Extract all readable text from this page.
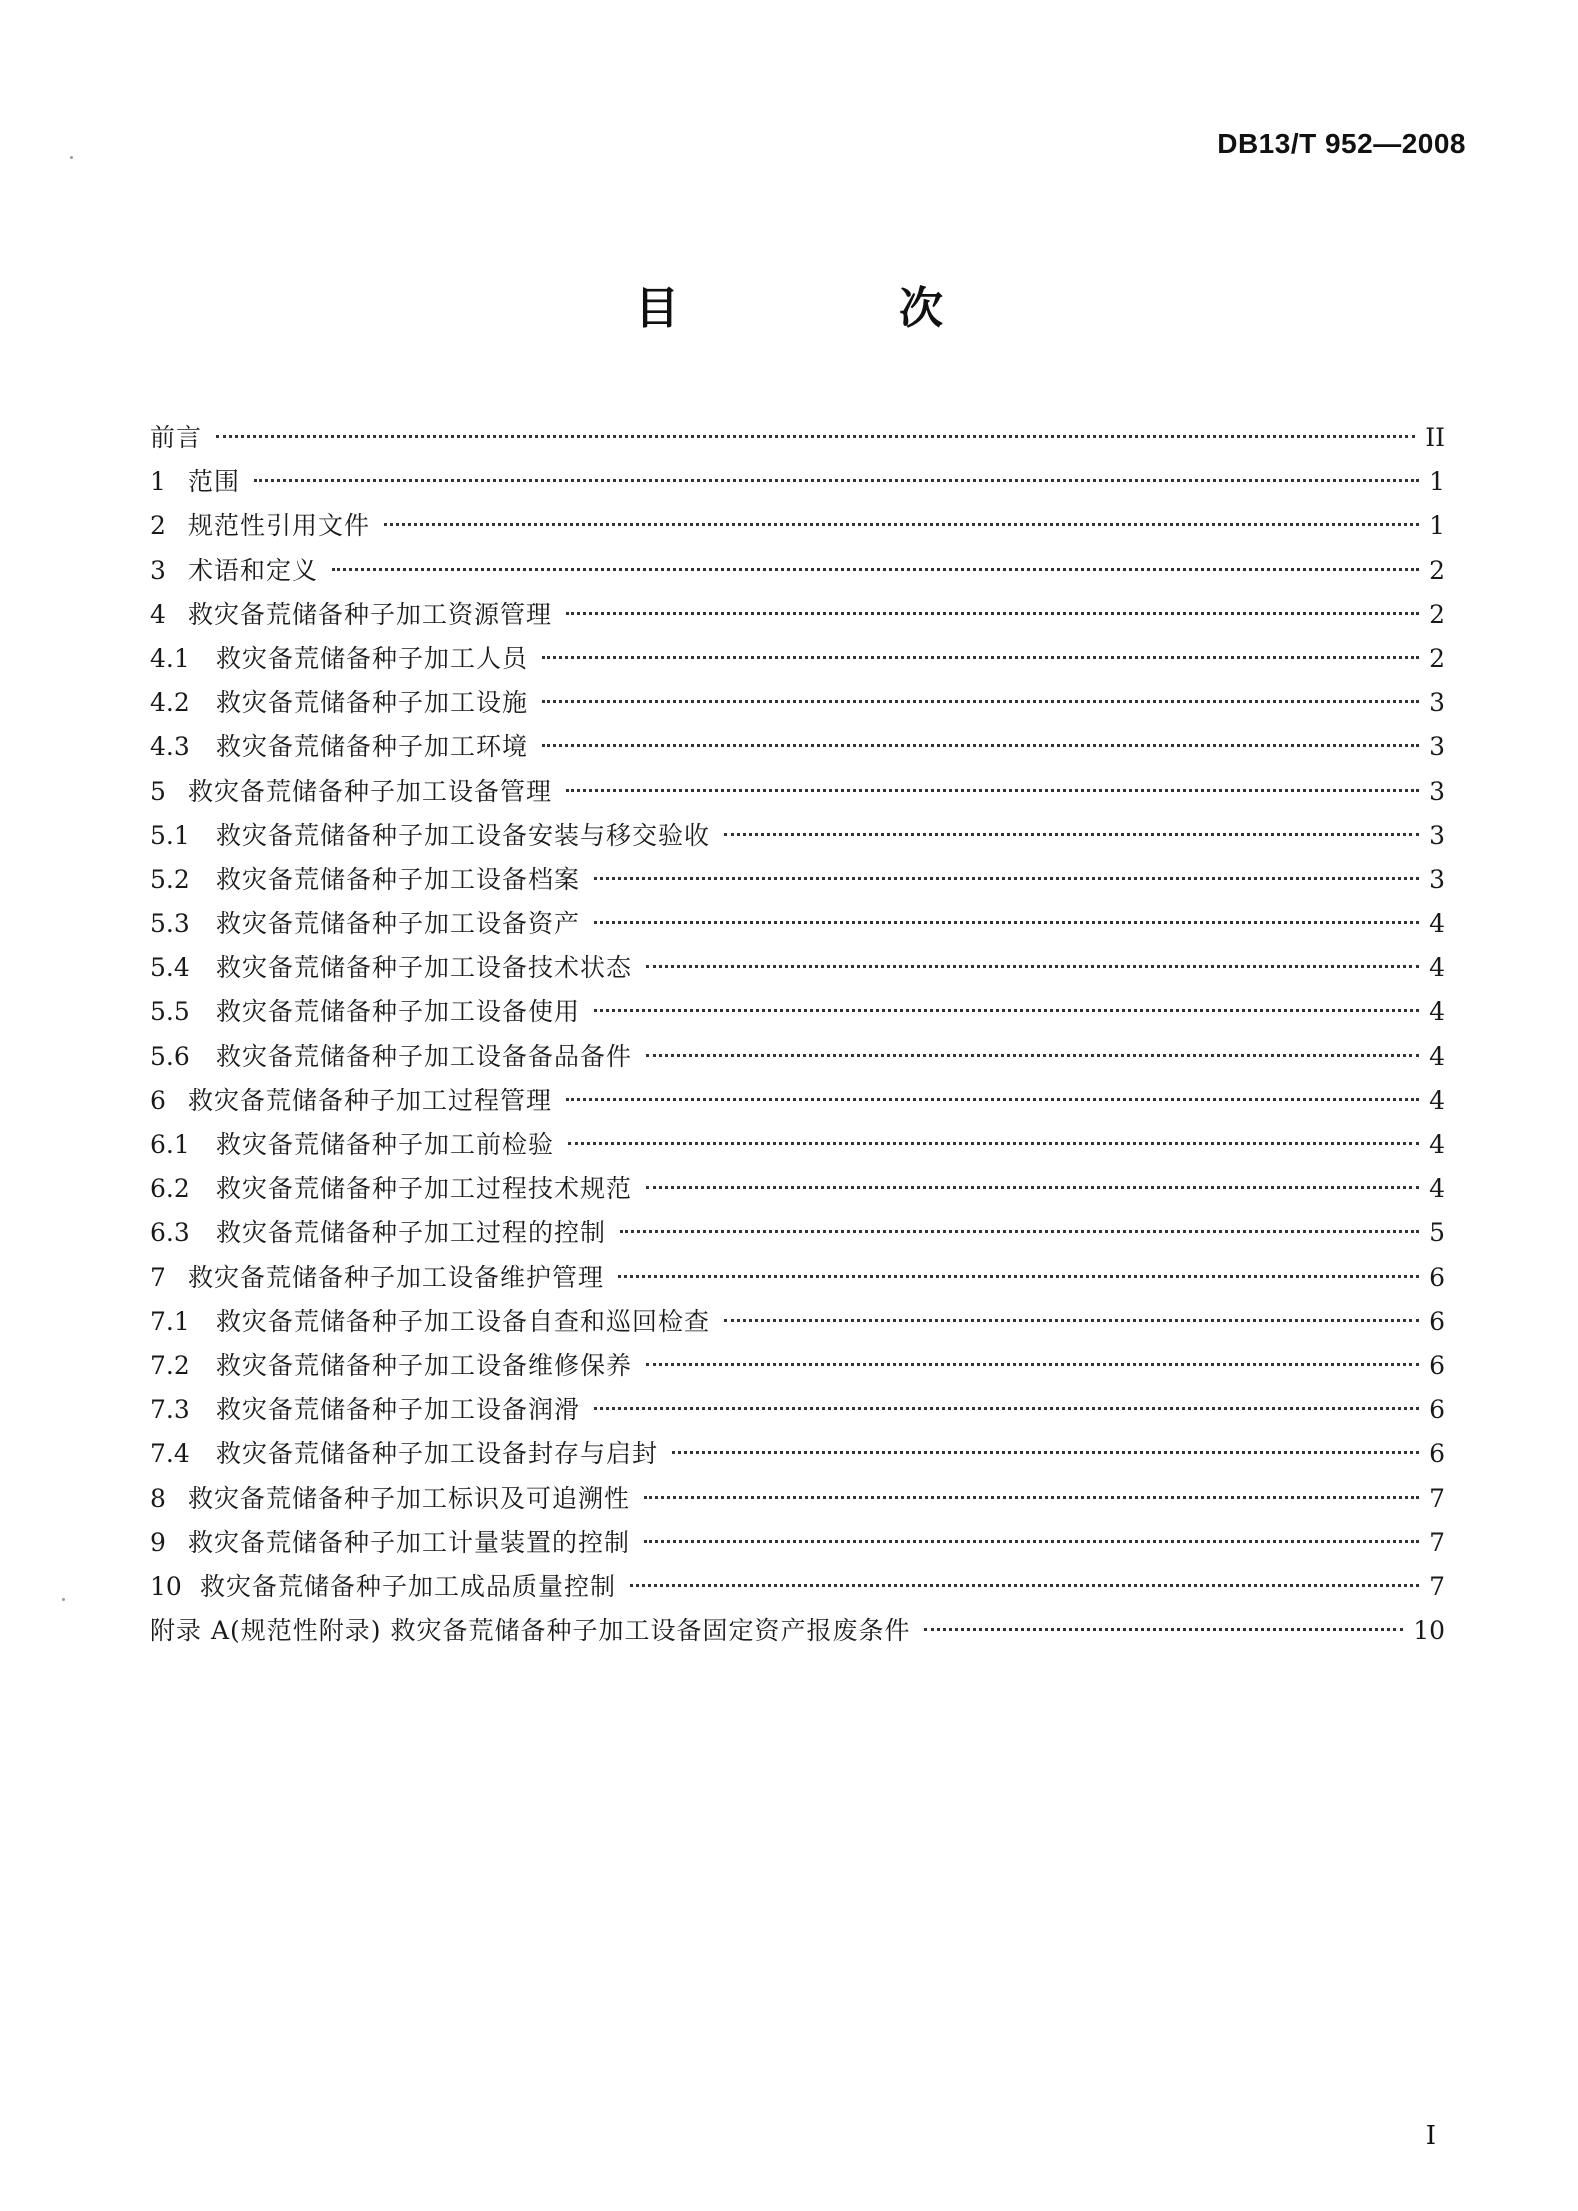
DB13/T 952—2008
目　次
前言	II
1 范围	1
2 规范性引用文件	1
3 术语和定义	2
4 救灾备荒储备种子加工资源管理	2
4.1	救灾备荒储备种子加工人员	2
4.2	救灾备荒储备种子加工设施	3
4.3	救灾备荒储备种子加工环境	3
5 救灾备荒储备种子加工设备管理	3
5.1	救灾备荒储备种子加工设备安装与移交验收	3
5.2	救灾备荒储备种子加工设备档案	3
5.3	救灾备荒储备种子加工设备资产	4
5.4	救灾备荒储备种子加工设备技术状态	4
5.5	救灾备荒储备种子加工设备使用	4
5.6	救灾备荒储备种子加工设备备品备件	4
6 救灾备荒储备种子加工过程管理	4
6.1	救灾备荒储备种子加工前检验	4
6.2	救灾备荒储备种子加工过程技术规范	4
6.3	救灾备荒储备种子加工过程的控制	5
7 救灾备荒储备种子加工设备维护管理	6
7.1	救灾备荒储备种子加工设备自查和巡回检查	6
7.2	救灾备荒储备种子加工设备维修保养	6
7.3	救灾备荒储备种子加工设备润滑	6
7.4	救灾备荒储备种子加工设备封存与启封	6
8 救灾备荒储备种子加工标识及可追溯性	7
9 救灾备荒储备种子加工计量装置的控制	7
10 救灾备荒储备种子加工成品质量控制	7
附录 A(规范性附录) 救灾备荒储备种子加工设备固定资产报废条件	10
I
